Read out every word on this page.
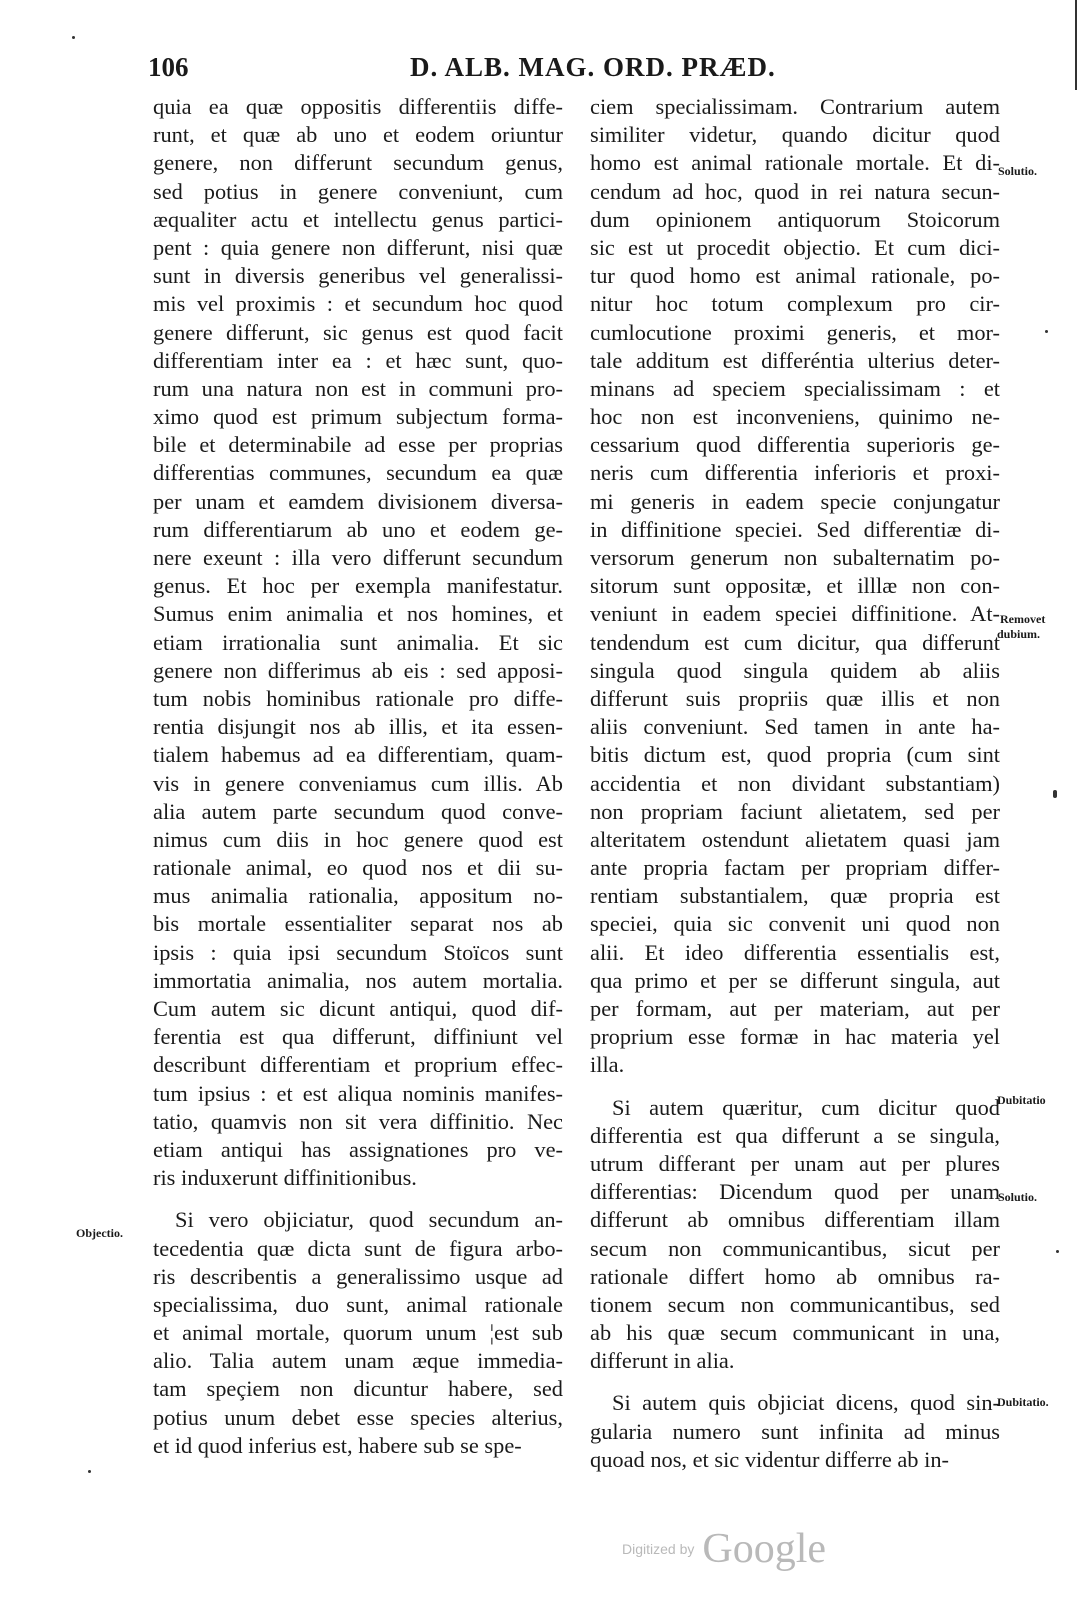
106	D. ALB. MAG. ORD. PRÆD.
quia ea quæ oppositis differentiis diffe-
runt, et quæ ab uno et eodem oriuntur
genere, non differunt secundum genus,
sed potius in genere conveniunt, cum
æqualiter actu et intellectu genus partici-
pent : quia genere non differunt, nisi quæ
sunt in diversis generibus vel generalissi-
mis vel proximis : et secundum hoc quod
genere differunt, sic genus est quod facit
differentiam inter ea : et hæc sunt, quo-
rum una natura non est in communi pro-
ximo quod est primum subjectum forma-
bile et determinabile ad esse per proprias
differentias communes, secundum ea quæ
per unam et eamdem divisionem diversa-
rum differentiarum ab uno et eodem ge-
nere exeunt : illa vero differunt secundum
genus. Et hoc per exempla manifestatur.
Sumus enim animalia et nos homines, et
etiam irrationalia sunt animalia. Et sic
genere non differimus ab eis : sed apposi-
tum nobis hominibus rationale pro diffe-
rentia disjungit nos ab illis, et ita essen-
tialem habemus ad ea differentiam, quam-
vis in genere conveniamus cum illis. Ab
alia autem parte secundum quod conve-
nimus cum diis in hoc genere quod est
rationale animal, eo quod nos et dii su-
mus animalia rationalia, appositum no-
bis mortale essentialiter separat nos ab
ipsis : quia ipsi secundum Stoïcos sunt
immortatia animalia, nos autem mortalia.
Cum autem sic dicunt antiqui, quod dif-
ferentia est qua differunt, diffiniunt vel
describunt differentiam et proprium effec-
tum ipsius : et est aliqua nominis manifes-
tatio, quamvis non sit vera diffinitio. Nec
etiam antiqui has assignationes pro ve-
ris induxerunt diffinitionibus.
Si vero objiciatur, quod secundum an-
tecedentia quæ dicta sunt de figura arbo-
ris describentis a generalissimo usque ad
specialissima, duo sunt, animal rationale
et animal mortale, quorum unum ¦est sub
alio. Talia autem unam æque immedia-
tam speçiem non dicuntur habere, sed
potius unum debet esse species alterius,
et id quod inferius est, habere sub se spe-
ciem specialissimam. Contrarium autem
similiter videtur, quando dicitur quod
homo est animal rationale mortale. Et di-
cendum ad hoc, quod in rei natura secun-
dum opinionem antiquorum Stoicorum
sic est ut procedit objectio. Et cum dici-
tur quod homo est animal rationale, po-
nitur hoc totum complexum pro cir-
cumlocutione proximi generis, et mor-
tale additum est differéntia ulterius deter-
minans ad speciem specialissimam : et
hoc non est inconveniens, quinimo ne-
cessarium quod differentia superioris ge-
neris cum differentia inferioris et proxi-
mi generis in eadem specie conjungatur
in diffinitione speciei. Sed differentiæ di-
versorum generum non subalternatim po-
sitorum sunt oppositæ, et illlæ non con-
veniunt in eadem speciei diffinitione. At-
tendendum est cum dicitur, qua differunt
singula quod singula quidem ab aliis
differunt suis propriis quæ illis et non
aliis conveniunt. Sed tamen in ante ha-
bitis dictum est, quod propria (cum sint
accidentia et non dividant substantiam)
non propriam faciunt alietatem, sed per
alteritatem ostendunt alietatem quasi jam
ante propria factam per propriam differ-
rentiam substantialem, quæ propria est
speciei, quia sic convenit uni quod non
alii. Et ideo differentia essentialis est,
qua primo et per se differunt singula, aut
per formam, aut per materiam, aut per
proprium esse formæ in hac materia yel
illa.
Si autem quæritur, cum dicitur quod
differentia est qua differunt a se singula,
utrum differant per unam aut per plures
differentias: Dicendum quod per unam
differunt ab omnibus differentiam illam
secum non communicantibus, sicut per
rationale differt homo ab omnibus ra-
tionem secum non communicantibus, sed
ab his quæ secum communicant in una,
differunt in alia.
Si autem quis objiciat dicens, quod sin-
gularia numero sunt infinita ad minus
quoad nos, et sic videntur differre ab in-
Objectio.
Solutio.
Removet
dubium.
Dubitatio
Solutio.
Dubitatio.
Digitized by Google
